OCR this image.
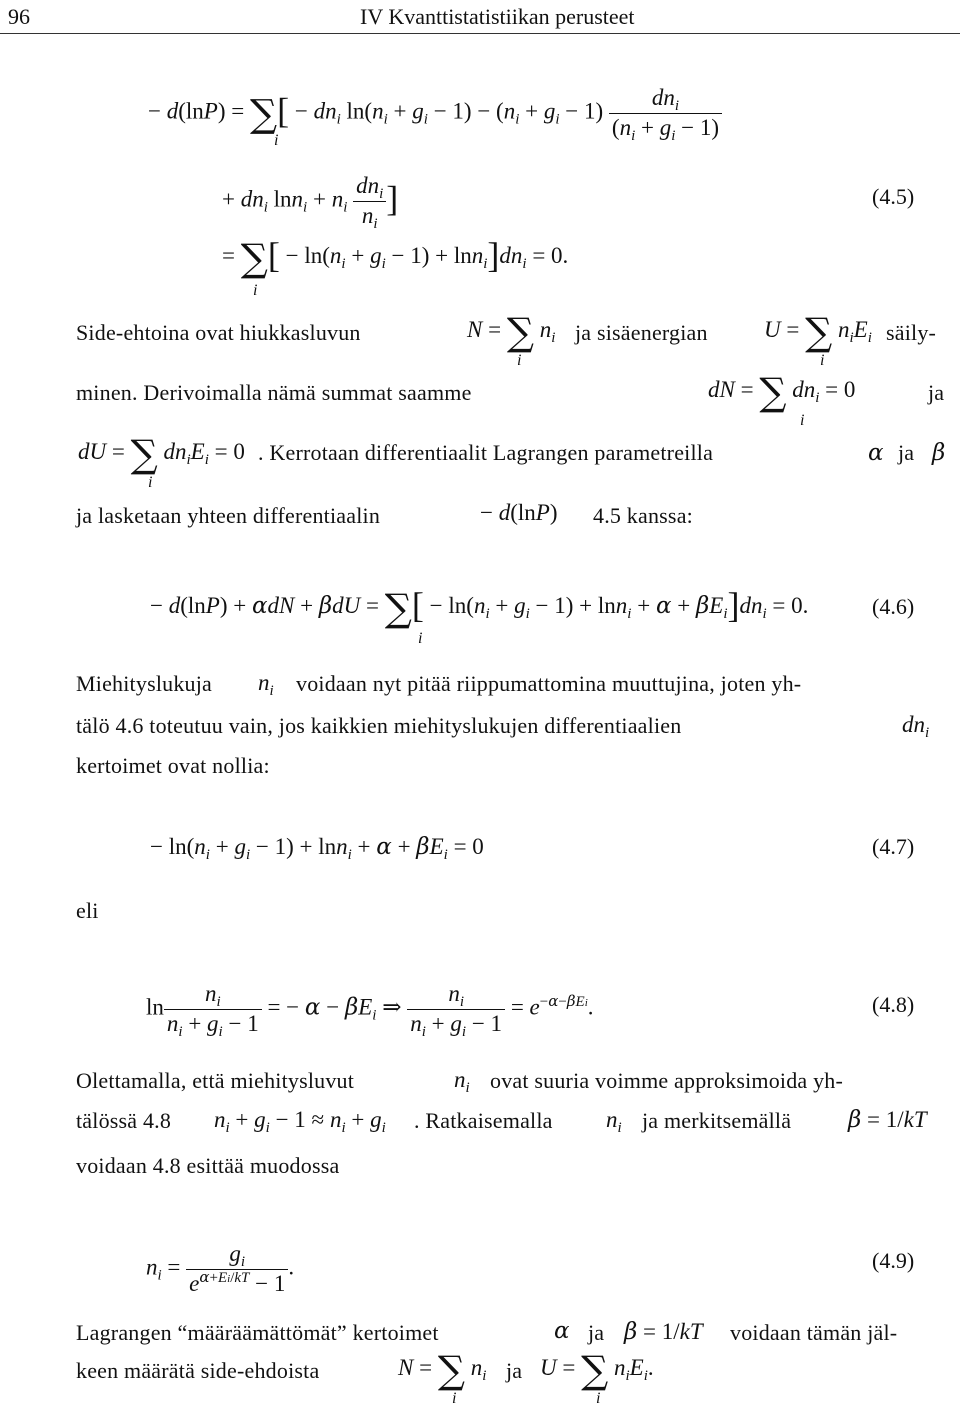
96	IV Kvanttistatistiikan perusteet
− d(lnP) = ∑[ − $dn_i$ $\ln(n_i + g_i - 1) - (n_i + g_i - 1) \frac{dn_i}{(n_i + g_i - 1)}$
i
+ $dn_i$ $\ln n_i + n_i \frac{dn_i}{n_i}$ ]	(4.5)
= ∑[ − $\ln(n_i + g_i - 1) + \ln n_i]dn_i = 0$.
i
Side-ehtoina ovat hiukkasluvun	N = ∑ $n_i$
i
ja sisäenergian U = ∑ $n_iE_i$
i
säily-
minen. Derivoimalla nämä summat saamme	dN = ∑ $dn_i = 0$
i
ja
dU = ∑ $dn_iE_i = 0$
i
. Kerrotaan differentiaalit Lagrangen parametreilla	α ja β
ja lasketaan yhteen differentiaalin	− d(lnP) 4.5 kanssa:
− d(lnP) + αdN + βdU = ∑[ − $\ln(n_i + g_i - 1) + \ln n_i + \alpha + \beta E_i]dn_i = 0$.
i
(4.6)
Miehityslukuja $n_i$ voidaan nyt pitää riippumattomina muuttujina, joten yh-
tälö 4.6 toteutuu vain, jos kaikkien miehityslukujen differentiaalien	$dn_i$
kertoimet ovat nollia:
− $\ln(n_i + g_i - 1) + \ln n_i + \alpha + \beta E_i = 0$	(4.7)
eli
$\ln \frac{n_i}{n_i + g_i - 1}$ = − $\alpha - \beta E_i$ ⇒ $\frac{n_i}{n_i + g_i - 1} = e^{-\alpha-\beta Ei}$.	(4.8)
Olettamalla, että miehitysluvut	$n_i$ ovat suuria voimme approksimoida yh-
tälössä 4.8 $n_i + g_i - 1 \approx n_i + g_i$ . Ratkaisemalla $n_i$ ja merkitsemällä β = 1/kT
voidaan 4.8 esittää muodossa
$n_i = \frac{g_i}{e^{\alpha+Ei/kT} - 1}$ .	(4.9)
Lagrangen “määräämättömät” kertoimet	α ja β = 1/kT voidaan tämän jäl-
keen määrätä side-ehdoista	N = ∑ $n_i$
i
ja U = ∑ $n_iE_i$.
i
